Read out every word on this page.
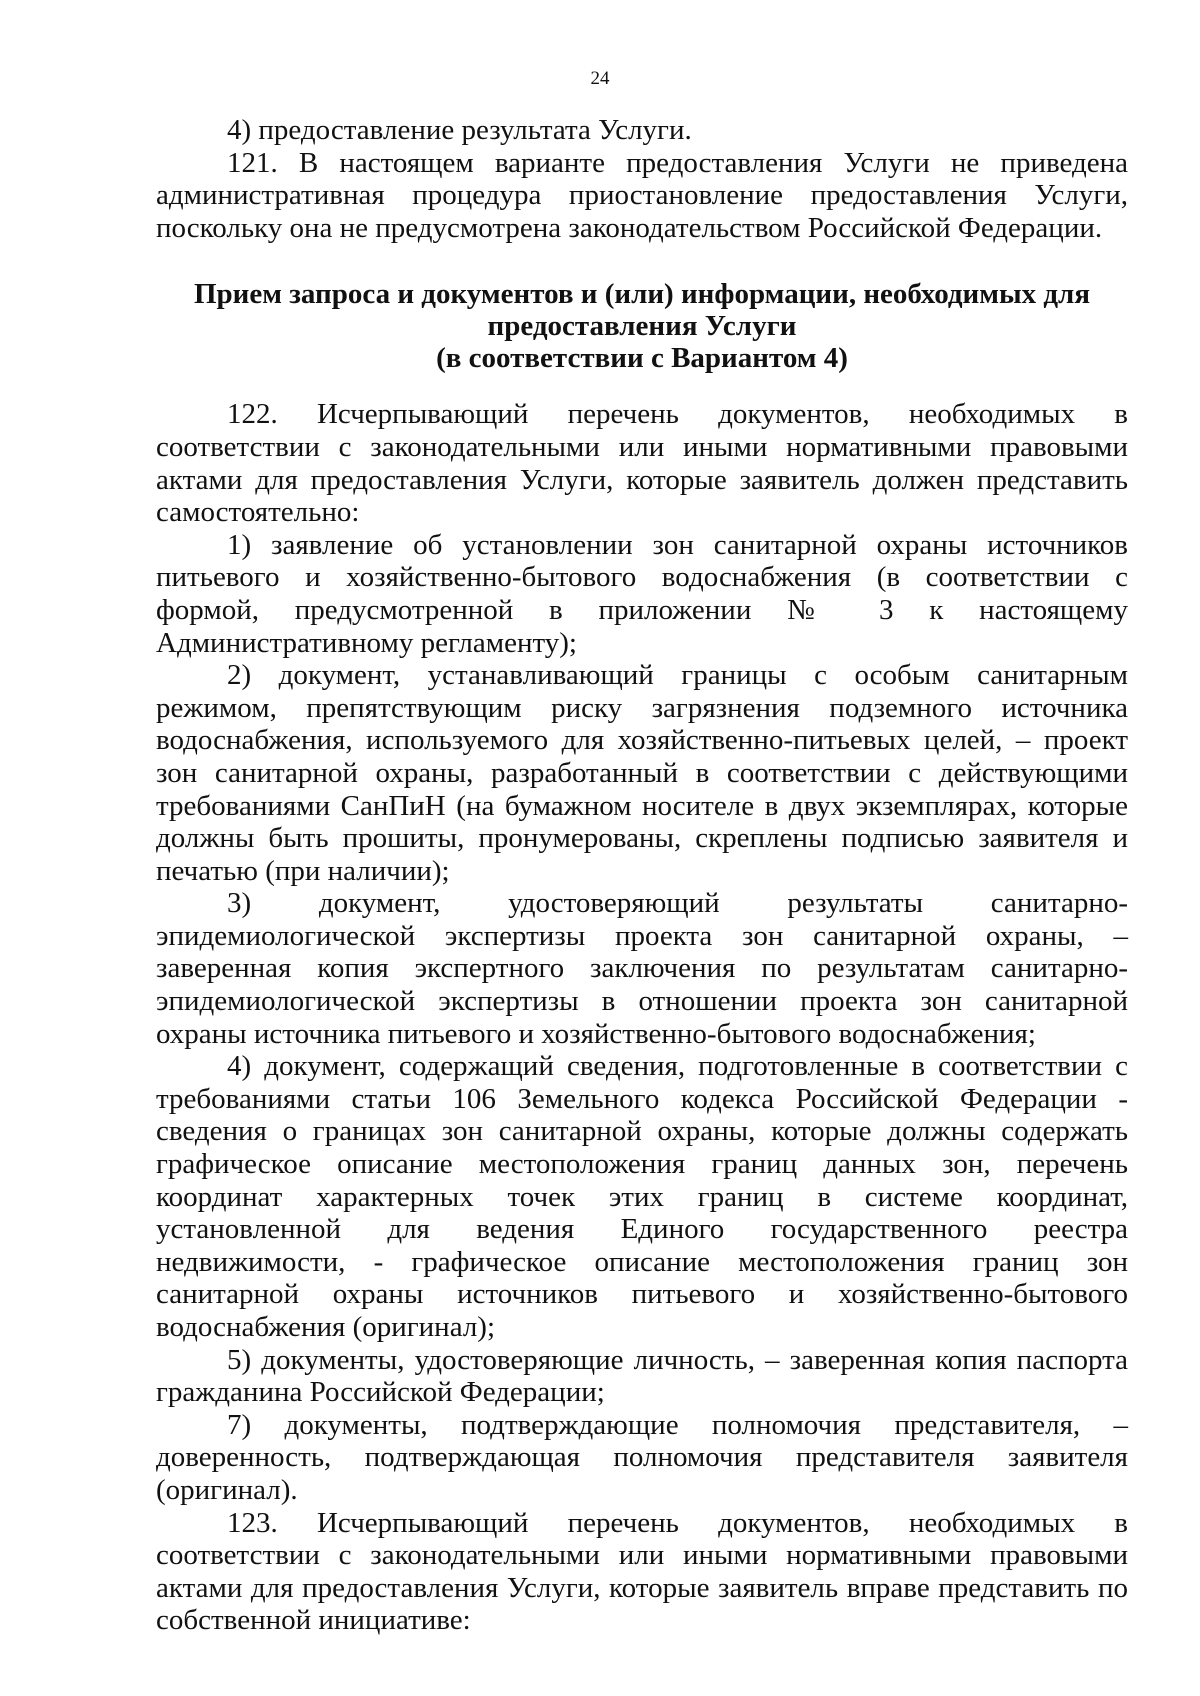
24

4) предоставление результата Услуги.

121. В настоящем варианте предоставления Услуги не приведена административная процедура приостановление предоставления Услуги, поскольку она не предусмотрена законодательством Российской Федерации.

Прием запроса и документов и (или) информации, необходимых для
предоставления Услуги
(в соответствии с Вариантом 4)

122. Исчерпывающий перечень документов, необходимых в соответствии с законодательными или иными нормативными правовыми актами для предоставления Услуги, которые заявитель должен представить самостоятельно:

1) заявление об установлении зон санитарной охраны источников питьевого и хозяйственно-бытового водоснабжения (в соответствии с формой, предусмотренной в приложении № 3 к настоящему Административному регламенту);

2) документ, устанавливающий границы с особым санитарным режимом, препятствующим риску загрязнения подземного источника водоснабжения, используемого для хозяйственно-питьевых целей, – проект зон санитарной охраны, разработанный в соответствии с действующими требованиями СанПиН (на бумажном носителе в двух экземплярах, которые должны быть прошиты, пронумерованы, скреплены подписью заявителя и печатью (при наличии);

3) документ, удостоверяющий результаты санитарно-эпидемиологической экспертизы проекта зон санитарной охраны, – заверенная копия экспертного заключения по результатам санитарно-эпидемиологической экспертизы в отношении проекта зон санитарной охраны источника питьевого и хозяйственно-бытового водоснабжения;

4) документ, содержащий сведения, подготовленные в соответствии с требованиями статьи 106 Земельного кодекса Российской Федерации - сведения о границах зон санитарной охраны, которые должны содержать графическое описание местоположения границ данных зон, перечень координат характерных точек этих границ в системе координат, установленной для ведения Единого государственного реестра недвижимости, - графическое описание местоположения границ зон санитарной охраны источников питьевого и хозяйственно-бытового водоснабжения (оригинал);

5) документы, удостоверяющие личность, – заверенная копия паспорта гражданина Российской Федерации;

7) документы, подтверждающие полномочия представителя, – доверенность, подтверждающая полномочия представителя заявителя (оригинал).

123. Исчерпывающий перечень документов, необходимых в соответствии с законодательными или иными нормативными правовыми актами для предоставления Услуги, которые заявитель вправе представить по собственной инициативе:
